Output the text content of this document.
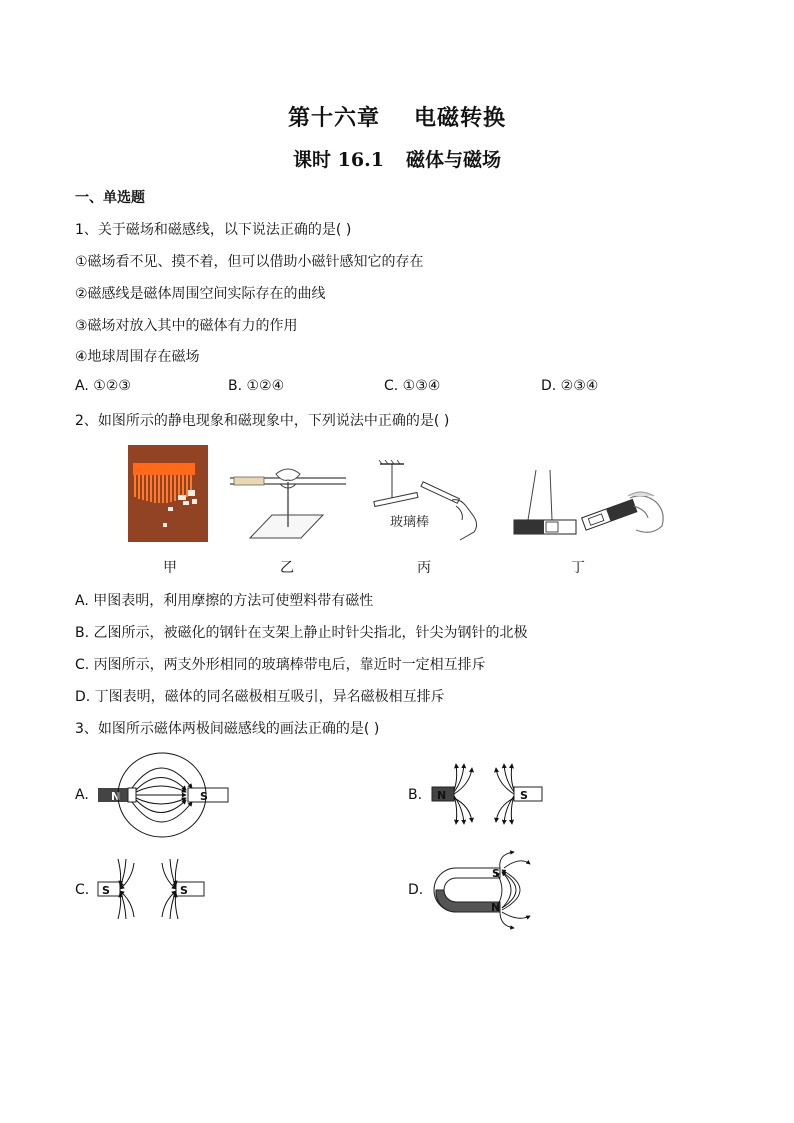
第十六章 电磁转换
课时 16.1 磁体与磁场
一、单选题
1、关于磁场和磁感线，以下说法正确的是( )
①磁场看不见、摸不着，但可以借助小磁针感知它的存在
②磁感线是磁体周围空间实际存在的曲线
③磁场对放入其中的磁体有力的作用
④地球周围存在磁场
A. ①②③	B. ①②④	C. ①③④	D. ②③④
2、如图所示的静电现象和磁现象中，下列说法中正确的是( )
玻璃棒
甲	乙	丙	丁
A. 甲图表明，利用摩擦的方法可使塑料带有磁性
B. 乙图所示，被磁化的钢针在支架上静止时针尖指北，针尖为钢针的北极
C. 丙图所示，两支外形相同的玻璃棒带电后，靠近时一定相互排斥
D. 丁图表明，磁体的同名磁极相互吸引，异名磁极相互排斥
3、如图所示磁体两极间磁感线的画法正确的是( )
A. N	S	B. N	S
C. S	S	D.
S
N
